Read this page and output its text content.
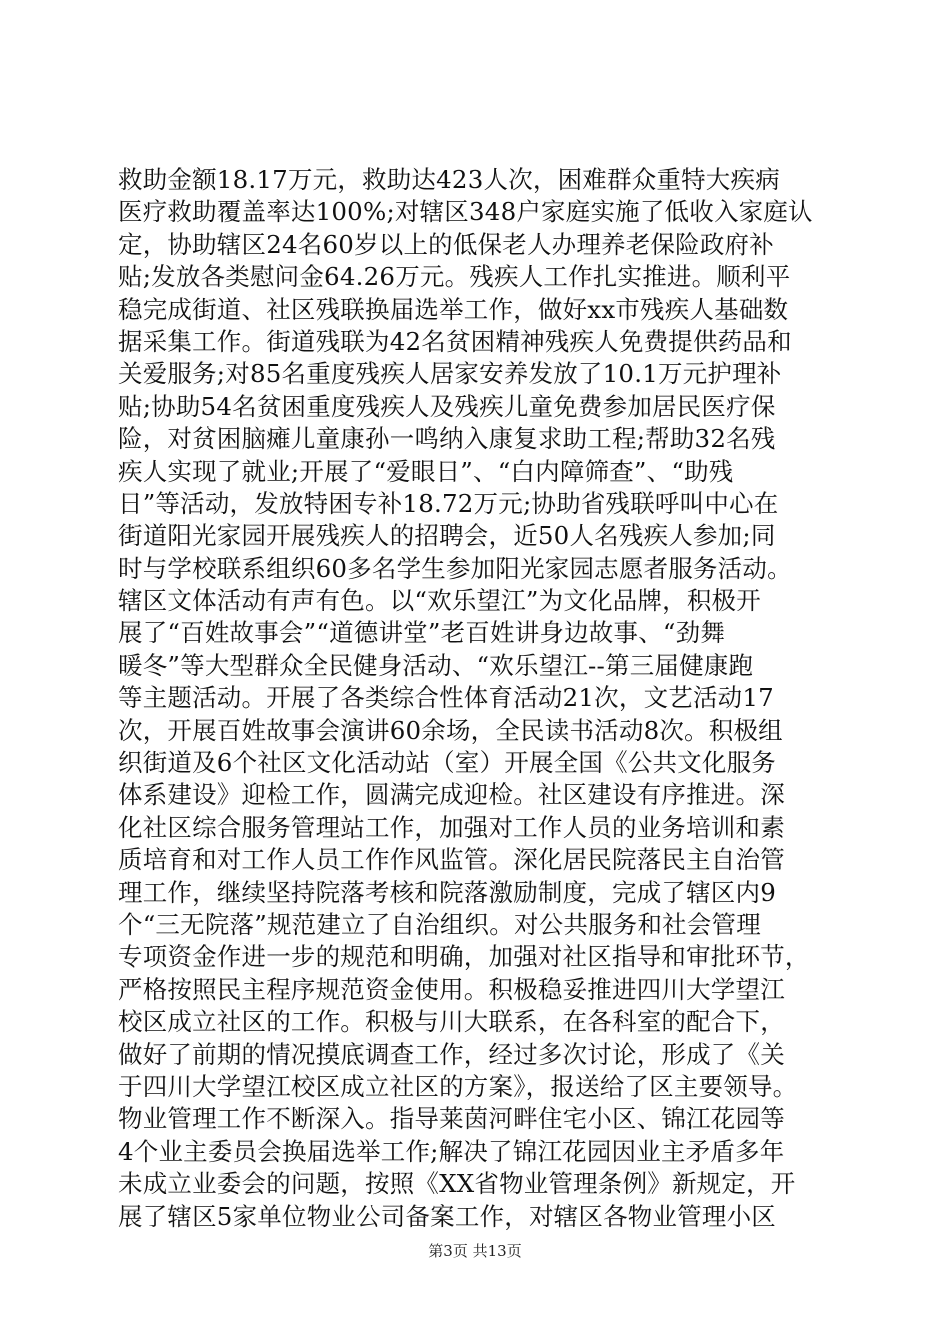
救助金额18.17万元，救助达423人次，困难群众重特大疾病
医疗救助覆盖率达100%;对辖区348户家庭实施了低收入家庭认
定，协助辖区24名60岁以上的低保老人办理养老保险政府补
贴;发放各类慰问金64.26万元。残疾人工作扎实推进。顺利平
稳完成街道、社区残联换届选举工作，做好xx市残疾人基础数
据采集工作。街道残联为42名贫困精神残疾人免费提供药品和
关爱服务;对85名重度残疾人居家安养发放了10.1万元护理补
贴;协助54名贫困重度残疾人及残疾儿童免费参加居民医疗保
险，对贫困脑瘫儿童康孙一鸣纳入康复求助工程;帮助32名残
疾人实现了就业;开展了“爱眼日”、“白内障筛查”、“助残
日”等活动，发放特困专补18.72万元;协助省残联呼叫中心在
街道阳光家园开展残疾人的招聘会，近50人名残疾人参加;同
时与学校联系组织60多名学生参加阳光家园志愿者服务活动。
辖区文体活动有声有色。以“欢乐望江”为文化品牌，积极开
展了“百姓故事会”“道德讲堂”老百姓讲身边故事、“劲舞
暖冬”等大型群众全民健身活动、“欢乐望江--第三届健康跑
等主题活动。开展了各类综合性体育活动21次，文艺活动17
次，开展百姓故事会演讲60余场，全民读书活动8次。积极组
织街道及6个社区文化活动站（室）开展全国《公共文化服务
体系建设》迎检工作，圆满完成迎检。社区建设有序推进。深
化社区综合服务管理站工作，加强对工作人员的业务培训和素
质培育和对工作人员工作作风监管。深化居民院落民主自治管
理工作，继续坚持院落考核和院落激励制度，完成了辖区内9
个“三无院落”规范建立了自治组织。对公共服务和社会管理
专项资金作进一步的规范和明确，加强对社区指导和审批环节，
严格按照民主程序规范资金使用。积极稳妥推进四川大学望江
校区成立社区的工作。积极与川大联系，在各科室的配合下，
做好了前期的情况摸底调查工作，经过多次讨论，形成了《关
于四川大学望江校区成立社区的方案》，报送给了区主要领导。
物业管理工作不断深入。指导莱茵河畔住宅小区、锦江花园等
4个业主委员会换届选举工作;解决了锦江花园因业主矛盾多年
未成立业委会的问题，按照《XX省物业管理条例》新规定，开
展了辖区5家单位物业公司备案工作，对辖区各物业管理小区
第3页 共13页
